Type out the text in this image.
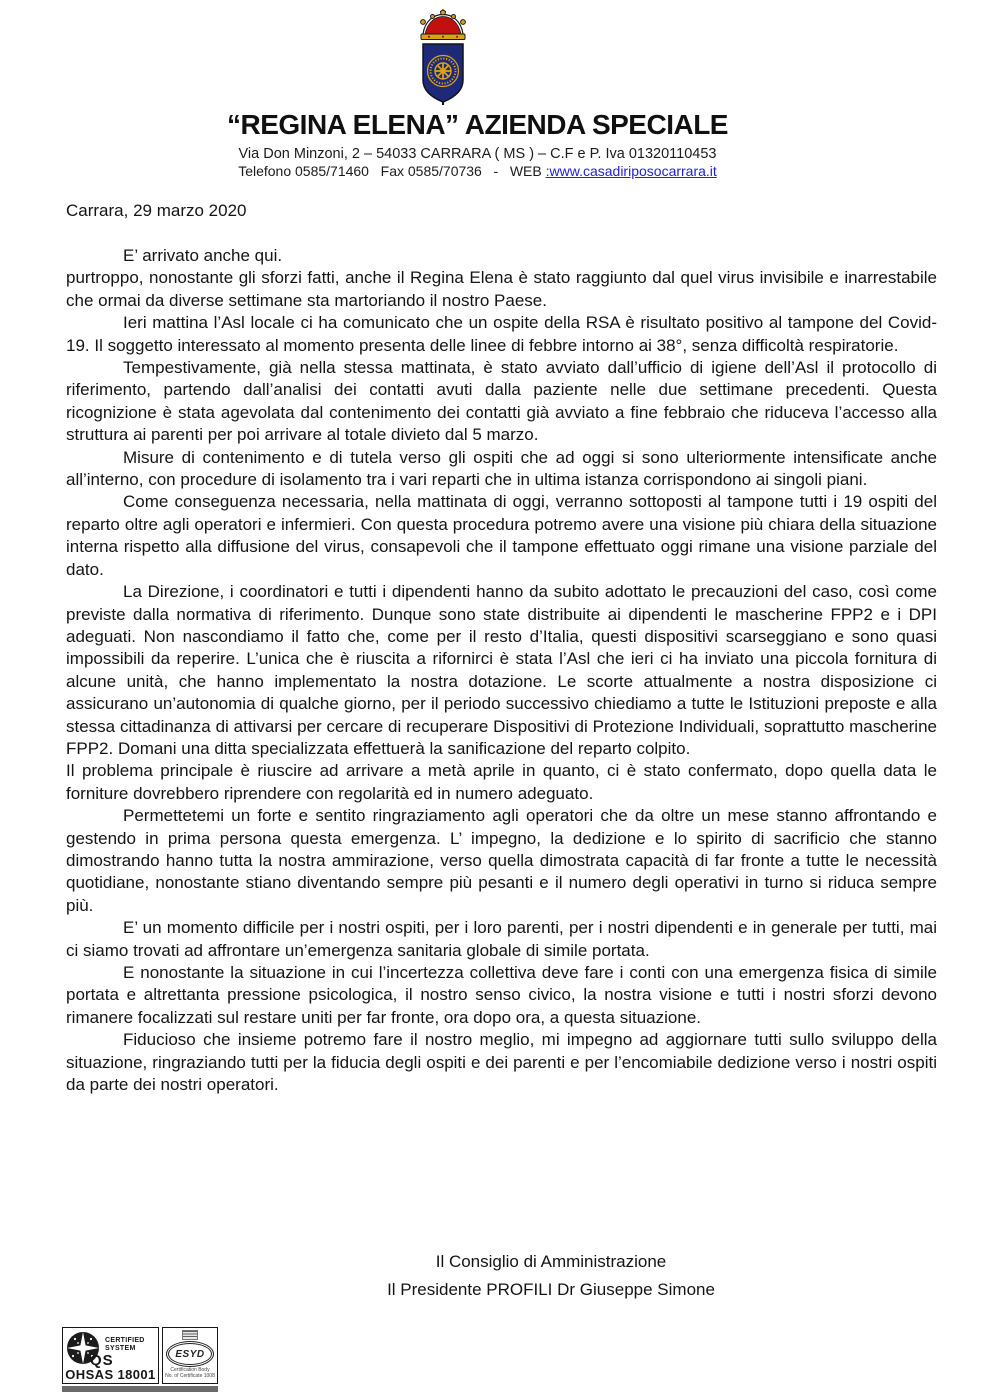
“REGINA ELENA” AZIENDA SPECIALE
Via Don Minzoni, 2 – 54033 CARRARA ( MS ) – C.F e P. Iva 01320110453
Telefono 0585/71460   Fax 0585/70736   -   WEB :www.casadiriposocarrara.it
Carrara, 29 marzo 2020

E’ arrivato anche qui.

purtroppo, nonostante gli sforzi fatti, anche il Regina Elena è stato raggiunto dal quel virus invisibile e inarrestabile che ormai da diverse settimane sta martoriando il nostro Paese.

Ieri mattina l’Asl locale ci ha comunicato che un ospite della RSA è risultato positivo al tampone del Covid-19. Il soggetto interessato al momento presenta delle linee di febbre intorno ai 38°, senza difficoltà respiratorie.

Tempestivamente, già nella stessa mattinata, è stato avviato dall’ufficio di igiene dell’Asl il protocollo di riferimento, partendo dall’analisi dei contatti avuti dalla paziente nelle due settimane precedenti. Questa ricognizione è stata agevolata dal contenimento dei contatti già avviato a fine febbraio che riduceva l’accesso alla struttura ai parenti per poi arrivare al totale divieto dal 5 marzo.

Misure di contenimento e di tutela verso gli ospiti che ad oggi si sono ulteriormente intensificate anche all’interno, con procedure di isolamento tra i vari reparti che in ultima istanza corrispondono ai singoli piani.

Come conseguenza necessaria, nella mattinata di oggi, verranno sottoposti al tampone tutti i 19 ospiti del reparto oltre agli operatori e infermieri. Con questa procedura potremo avere una visione più chiara della situazione interna rispetto alla diffusione del virus, consapevoli che il tampone effettuato oggi rimane una visione parziale del dato.

La Direzione, i coordinatori e tutti i dipendenti hanno da subito adottato le precauzioni del caso, così come previste dalla normativa di riferimento. Dunque sono state distribuite ai dipendenti le mascherine FPP2 e i DPI adeguati. Non nascondiamo il fatto che, come per il resto d’Italia, questi dispositivi scarseggiano e sono quasi impossibili da reperire. L’unica che è riuscita a rifornirci è stata l’Asl che ieri ci ha inviato una piccola fornitura di alcune unità, che hanno implementato la nostra dotazione. Le scorte attualmente a nostra disposizione ci assicurano un’autonomia di qualche giorno, per il periodo successivo chiediamo a tutte le Istituzioni preposte e alla stessa cittadinanza di attivarsi per cercare di recuperare Dispositivi di Protezione Individuali, soprattutto mascherine FPP2. Domani una ditta specializzata effettuerà la sanificazione del reparto colpito.

Il problema principale è riuscire ad arrivare a metà aprile in quanto, ci è stato confermato, dopo quella data le forniture dovrebbero riprendere con regolarità ed in numero adeguato.

Permettetemi un forte e sentito ringraziamento agli operatori che da oltre un mese stanno affrontando e gestendo in prima persona questa emergenza. L’ impegno, la dedizione e lo spirito di sacrificio che stanno dimostrando hanno tutta la nostra ammirazione, verso quella dimostrata capacità di far fronte a tutte le necessità quotidiane, nonostante stiano diventando sempre più pesanti e il numero degli operativi in turno si riduca sempre più.

E’ un momento difficile per i nostri ospiti, per i loro parenti, per i nostri dipendenti e in generale per tutti, mai ci siamo trovati ad affrontare un’emergenza sanitaria globale di simile portata.

E nonostante la situazione in cui l’incertezza collettiva deve fare i conti con una emergenza fisica di simile portata e altrettanta pressione psicologica, il nostro senso civico, la nostra visione e tutti i nostri sforzi devono rimanere focalizzati sul restare uniti per far fronte, ora dopo ora, a questa situazione.

Fiducioso che insieme potremo fare il nostro meglio, mi impegno ad aggiornare tutti sullo sviluppo della situazione, ringraziando tutti per la fiducia degli ospiti e dei parenti e per l’encomiabile dedizione verso i nostri ospiti da parte dei nostri operatori.

Il Consiglio di Amministrazione
Il Presidente PROFILI Dr Giuseppe Simone
CERTIFIED
SYSTEM
QS
OHSAS 18001
ESYD
Certification Body
No. of Certificate 1008
